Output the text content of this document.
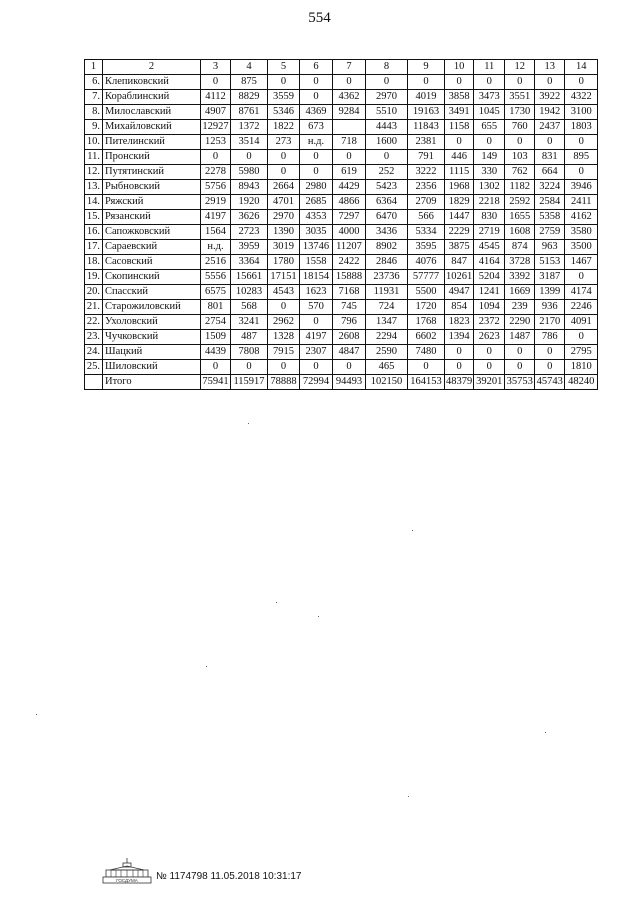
554
1	2	3	4	5	6	7	8	9	10	11	12	13	14
6.	Клепиковский	0	875	0	0	0	0	0	0	0	0	0	0
7.	Кораблинский	4112	8829	3559	0	4362	2970	4019	3858	3473	3551	3922	4322
8.	Милославский	4907	8761	5346	4369	9284	5510	19163	3491	1045	1730	1942	3100
9.	Михайловский	12927	1372	1822	673		4443	11843	1158	655	760	2437	1803
10.	Пителинский	1253	3514	273	н.д.	718	1600	2381	0	0	0	0	0
11.	Пронский	0	0	0	0	0	0	791	446	149	103	831	895
12.	Путятинский	2278	5980	0	0	619	252	3222	1115	330	762	664	0
13.	Рыбновский	5756	8943	2664	2980	4429	5423	2356	1968	1302	1182	3224	3946
14.	Ряжский	2919	1920	4701	2685	4866	6364	2709	1829	2218	2592	2584	2411
15.	Рязанский	4197	3626	2970	4353	7297	6470	566	1447	830	1655	5358	4162
16.	Сапожковский	1564	2723	1390	3035	4000	3436	5334	2229	2719	1608	2759	3580
17.	Сараевский	н.д.	3959	3019	13746	11207	8902	3595	3875	4545	874	963	3500
18.	Сасовский	2516	3364	1780	1558	2422	2846	4076	847	4164	3728	5153	1467
19.	Скопинский	5556	15661	17151	18154	15888	23736	57777	10261	5204	3392	3187	0
20.	Спасский	6575	10283	4543	1623	7168	11931	5500	4947	1241	1669	1399	4174
21.	Старожиловский	801	568	0	570	745	724	1720	854	1094	239	936	2246
22.	Ухоловский	2754	3241	2962	0	796	1347	1768	1823	2372	2290	2170	4091
23.	Чучковский	1509	487	1328	4197	2608	2294	6602	1394	2623	1487	786	0
24.	Шацкий	4439	7808	7915	2307	4847	2590	7480	0	0	0	0	2795
25.	Шиловский	0	0	0	0	0	465	0	0	0	0	0	1810
	Итого	75941	115917	78888	72994	94493	102150	164153	48379	39201	35753	45743	48240
ГОСДУМА № 1174798 11.05.2018 10:31:17
